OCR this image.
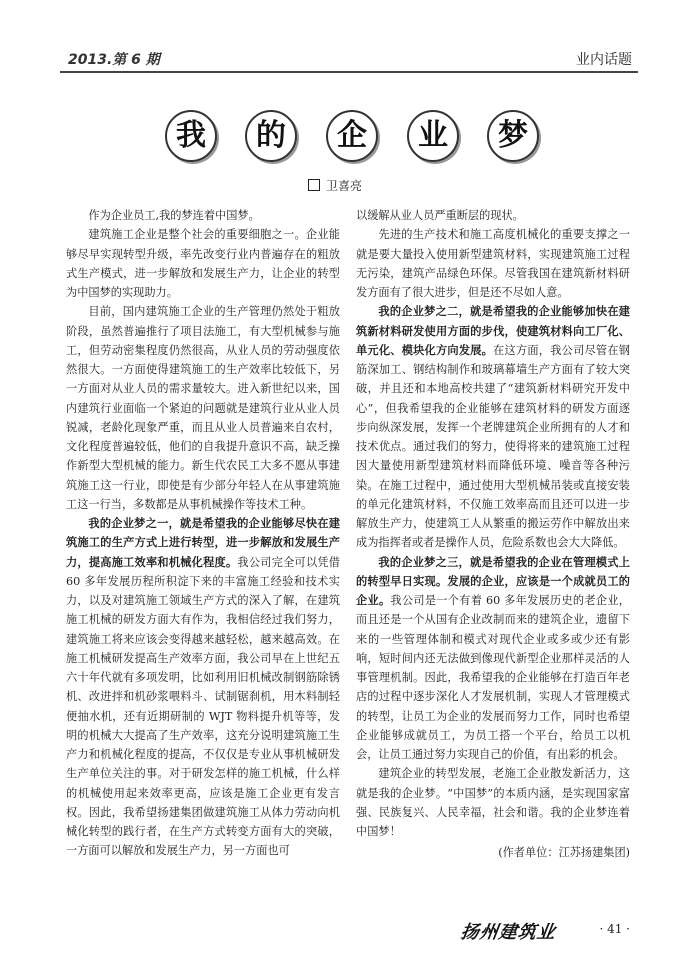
2013.第 6 期	业内话题
我	的	企	业	梦
卫喜亮

作为企业员工,我的梦连着中国梦。

建筑施工企业是整个社会的重要细胞之一。企业能够尽早实现转型升级，率先改变行业内普遍存在的粗放式生产模式，进一步解放和发展生产力，让企业的转型为中国梦的实现助力。

目前，国内建筑施工企业的生产管理仍然处于粗放阶段，虽然普遍推行了项目法施工，有大型机械参与施工，但劳动密集程度仍然很高，从业人员的劳动强度依然很大。一方面使得建筑施工的生产效率比较低下，另一方面对从业人员的需求量较大。进入新世纪以来，国内建筑行业面临一个紧迫的问题就是建筑行业从业人员锐减，老龄化现象严重，而且从业人员普遍来自农村，文化程度普遍较低，他们的自我提升意识不高，缺乏操作新型大型机械的能力。新生代农民工大多不愿从事建筑施工这一行业，即使是有少部分年轻人在从事建筑施工这一行当，多数都是从事机械操作等技术工种。

我的企业梦之一，就是希望我的企业能够尽快在建筑施工的生产方式上进行转型，进一步解放和发展生产力，提高施工效率和机械化程度。我公司完全可以凭借 60 多年发展历程所积淀下来的丰富施工经验和技术实力，以及对建筑施工领域生产方式的深入了解，在建筑施工机械的研发方面大有作为，我相信经过我们努力，建筑施工将来应该会变得越来越轻松，越来越高效。在施工机械研发提高生产效率方面，我公司早在上世纪五六十年代就有多项发明，比如利用旧机械改制钢筋除锈机、改进拌和机砂浆喂料斗、试制锯刹机，用木料制轻便抽水机，还有近期研制的 WJT 物料提升机等等，发明的机械大大提高了生产效率，这充分说明建筑施工生产力和机械化程度的提高，不仅仅是专业从事机械研发生产单位关注的事。对于研发怎样的施工机械，什么样的机械使用起来效率更高，应该是施工企业更有发言权。因此，我希望扬建集团做建筑施工从体力劳动向机械化转型的践行者，在生产方式转变方面有大的突破，一方面可以解放和发展生产力，另一方面也可

以缓解从业人员严重断层的现状。

先进的生产技术和施工高度机械化的重要支撑之一就是要大量投入使用新型建筑材料，实现建筑施工过程无污染，建筑产品绿色环保。尽管我国在建筑新材料研发方面有了很大进步，但是还不尽如人意。

我的企业梦之二，就是希望我的企业能够加快在建筑新材料研发使用方面的步伐，使建筑材料向工厂化、单元化、模块化方向发展。在这方面，我公司尽管在钢筋深加工、钢结构制作和玻璃幕墙生产方面有了较大突破，并且还和本地高校共建了“建筑新材料研究开发中心”，但我希望我的企业能够在建筑材料的研发方面逐步向纵深发展，发挥一个老牌建筑企业所拥有的人才和技术优点。通过我们的努力，使得将来的建筑施工过程因大量使用新型建筑材料而降低环境、噪音等各种污染。在施工过程中，通过使用大型机械吊装或直接安装的单元化建筑材料，不仅施工效率高而且还可以进一步解放生产力，使建筑工人从繁重的搬运劳作中解放出来成为指挥者或者是操作人员，危险系数也会大大降低。

我的企业梦之三，就是希望我的企业在管理模式上的转型早日实现。发展的企业，应该是一个成就员工的企业。我公司是一个有着 60 多年发展历史的老企业，而且还是一个从国有企业改制而来的建筑企业，遗留下来的一些管理体制和模式对现代企业或多或少还有影响，短时间内还无法做到像现代新型企业那样灵活的人事管理机制。因此，我希望我的企业能够在打造百年老店的过程中逐步深化人才发展机制，实现人才管理模式的转型，让员工为企业的发展而努力工作，同时也希望企业能够成就员工，为员工搭一个平台，给员工以机会，让员工通过努力实现自己的价值，有出彩的机会。

建筑企业的转型发展，老施工企业散发新活力，这就是我的企业梦。“中国梦”的本质内涵，是实现国家富强、民族复兴、人民幸福，社会和谐。我的企业梦连着中国梦！

(作者单位：江苏扬建集团)

扬州建筑业	· 41 ·
